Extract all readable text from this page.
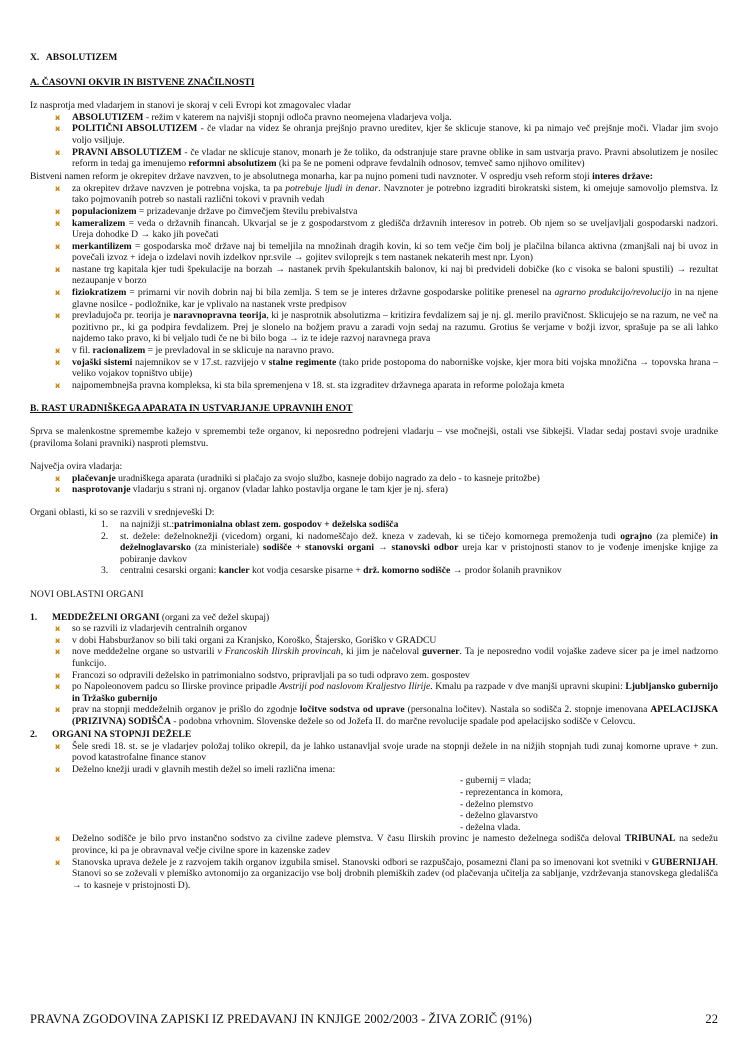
X. ABSOLUTIZEM
A. ČASOVNI OKVIR IN BISTVENE ZNAČILNOSTI

Iz nasprotja med vladarjem in stanovi je skoraj v celi Evropi kot zmagovalec vladar

ӿ ABSOLUTIZEM - režim v katerem na najvišji stopnji odloča pravno neomejena vladarjeva volja.
ӿ POLITIČNI ABSOLUTIZEM - če vladar na videz še ohranja prejšnjo pravno ureditev, kjer še sklicuje stanove, ki pa nimajo več prejšnje moči. Vladar jim svojo voljo vsiljuje.
ӿ PRAVNI ABSOLUTIZEM - če vladar ne sklicuje stanov, monarh je že toliko, da odstranjuje stare pravne oblike in sam ustvarja pravo. Pravni absolutizem je nosilec reform in tedaj ga imenujemo reformni absolutizem (ki pa še ne pomeni odprave fevdalnih odnosov, temveč samo njihovo omilitev)

Bistveni namen reform je okrepitev države navzven, to je absolutnega monarha, kar pa nujno pomeni tudi navznoter. V ospredju vseh reform stoji interes države:

ӿ za okrepitev države navzven je potrebna vojska, ta pa potrebuje ljudi in denar. Navznoter je potrebno izgraditi birokratski sistem, ki omejuje samovoljo plemstva. Iz tako pojmovanih potreb so nastali različni tokovi v pravnih vedah
ӿ populacionizem = prizadevanje države po čimvečjem številu prebivalstva
ӿ kameralizem = veda o državnih financah. Ukvarjal se je z gospodarstvom z gledišča državnih interesov in potreb. Ob njem so se uveljavljali gospodarski nadzori. Ureja dohodke D → kako jih povečati
ӿ merkantilizem = gospodarska moč države naj bi temeljila na množinah dragih kovin, ki so tem večje čim bolj je plačilna bilanca aktivna (zmanjšali naj bi uvoz in povečali izvoz + ideja o izdelavi novih izdelkov npr.svile → gojitev sviloprejk s tem nastanek nekaterih mest npr. Lyon)
ӿ nastane trg kapitala kjer tudi špekulacije na borzah → nastanek prvih špekulantskih balonov, ki naj bi predvideli dobičke (ko c visoka se baloni spustili) → rezultat nezaupanje v borzo
ӿ fiziokratizem = primarni vir novih dobrin naj bi bila zemlja. S tem se je interes državne gospodarske politike prenesel na agrarno produkcijo/revolucijo in na njene glavne nosilce - podložnike, kar je vplivalo na nastanek vrste predpisov
ӿ prevladujoča pr. teorija je naravnopravna teorija, ki je nasprotnik absolutizma – kritizira fevdalizem saj je nj. gl. merilo pravičnost. Sklicujejo se na razum, ne več na pozitivno pr., ki ga podpira fevdalizem. Prej je slonelo na božjem pravu a zaradi vojn sedaj na razumu. Grotius še verjame v božji izvor, sprašuje pa se ali lahko najdemo tako pravo, ki bi veljalo tudi če ne bi bilo boga → iz te ideje razvoj naravnega prava
ӿ v fil. racionalizem = je prevladoval in se sklicuje na naravno pravo.
ӿ vojaški sistemi najemnikov se v 17.st. razvijejo v stalne regimente (tako pride postopoma do naborniške vojske, kjer mora biti vojska množična → topovska hrana – veliko vojakov topništvo ubije)
ӿ najpomembnejša pravna kompleksa, ki sta bila spremenjena v 18. st. sta izgraditev državnega aparata in reforme položaja kmeta
B. RAST URADNIŠKEGA APARATA IN USTVARJANJE UPRAVNIH ENOT

Sprva se malenkostne spremembe kažejo v spremembi teže organov, ki neposredno podrejeni vladarju – vse močnejši, ostali vse šibkejši. Vladar sedaj postavi svoje uradnike (praviloma šolani pravniki) nasproti plemstvu.

Največja ovira vladarja:

ӿ plačevanje uradniškega aparata (uradniki si plačajo za svojo službo, kasneje dobijo nagrado za delo - to kasneje pritožbe)
ӿ nasprotovanje vladarju s strani nj. organov (vladar lahko postavlja organe le tam kjer je nj. sfera)

Organi oblasti, ki so se razvili v srednjeveški D:

1. na najnižji st.:patrimonialna oblast zem. gospodov + deželska sodišča
2. st. dežele: deželnoknežji (vicedom) organi, ki nadomeščajo dež. kneza v zadevah, ki se tičejo komornega premoženja tudi ograjno (za plemiče) in deželnoglavarsko (za ministeriale) sodišče + stanovski organi → stanovski odbor ureja kar v pristojnosti stanov to je vođenje imenjske knjige za pobiranje davkov
3. centralni cesarski organi: kancler kot vodja cesarske pisarne + drž. komorno sodišče → prodor šolanih pravnikov
NOVI OBLASTNI ORGANI
1. MEDDEŽELNI ORGANI (organi za več dežel skupaj)
ӿ so se razvili iz vladarjevih centralnih organov
ӿ v dobi Habsburžanov so bili taki organi za Kranjsko, Koroško, Štajersko, Goriško v GRADCU
ӿ nove meddeželne organe so ustvarili v Francoskih Ilirskih provincah, ki jim je načeloval guverner. Ta je neposredno vodil vojaške zadeve sicer pa je imel nadzorno funkcijo.
ӿ Francozi so odpravili deželsko in patrimonialno sodstvo, pripravljali pa so tudi odpravo zem. gospostev
ӿ po Napoleonovem padcu so Ilirske province pripadle Avstriji pod naslovom Kraljestvo Ilirije. Kmalu pa razpade v dve manjši upravni skupini: Ljubljansko gubernijo in Tržaško gubernijo
ӿ prav na stopnji meddeželnih organov je prišlo do zgodnje ločitve sodstva od uprave (personalna ločitev). Nastala so sodišča 2. stopnje imenovana APELACIJSKA (PRIZIVNA) SODIŠČA - podobna vrhovnim. Slovenske dežele so od Jožefa II. do marčne revolucije spadale pod apelacijsko sodišče v Celovcu.
2. ORGANI NA STOPNJI DEŽELE
ӿ Šele sredi 18. st. se je vladarjev položaj toliko okrepil, da je lahko ustanavljal svoje urade na stopnji dežele in na nižjih stopnjah tudi zunaj komorne uprave + zun. povod katastrofalne finance stanov
ӿ Deželno knežji uradi v glavnih mestih dežel so imeli različna imena:
- gubernij = vlada;
- reprezentanca in komora,
- deželno plemstvo
- deželno glavarstvo
- deželna vlada.
ӿ Deželno sodišče je bilo prvo instančno sodstvo za civilne zadeve plemstva. V času Ilirskih provinc je namesto deželnega sodišča deloval TRIBUNAL na sedežu province, ki pa je obravnaval večje civilne spore in kazenske zadev
ӿ Stanovska uprava dežele je z razvojem takih organov izgubila smisel. Stanovski odbori se razpuščajo, posamezni člani pa so imenovani kot svetniki v GUBERNIJAH. Stanovi so se zoževali v plemiško avtonomijo za organizacijo vse bolj drobnih plemiških zadev (od plačevanja učitelja za sabljanje, vzdrževanja stanovskega gledališča → to kasneje v pristojnosti D).
PRAVNA ZGODOVINA ZAPISKI IZ PREDAVANJ IN KNJIGE 2002/2003 - ŽIVA ZORIČ (91%)	22
